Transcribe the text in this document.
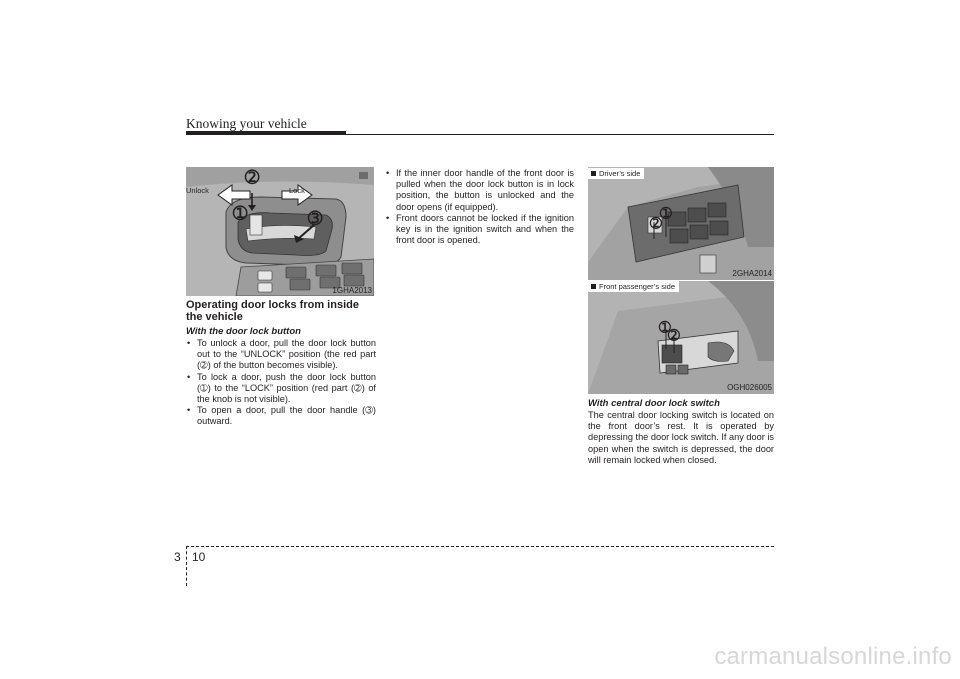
Knowing your vehicle
Unlock	Lock
➁
➀	➂
1GHA2013
Operating door locks from inside the vehicle
With the door lock button
• To unlock a door, pull the door lock button out to the “UNLOCK” position (the red part (➁) of the button becomes visible).
• To lock a door, push the door lock button (➀) to the “LOCK” position (red part (➁) of the knob is not visible).
• To open a door, pull the door handle (➂) outward.
• If the inner door handle of the front door is pulled when the door lock button is in lock position, the button is unlocked and the door opens (if equipped).
• Front doors cannot be locked if the ignition key is in the ignition switch and when the front door is opened.
Driver’s side
➀
➁
2GHA2014
Front passenger’s side
➀
➁
OGH026005
With central door lock switch
The central door locking switch is located on the front door’s rest. It is operated by depressing the door lock switch. If any door is open when the switch is depressed, the door will remain locked when closed.
3 10
carmanualsonline.info
